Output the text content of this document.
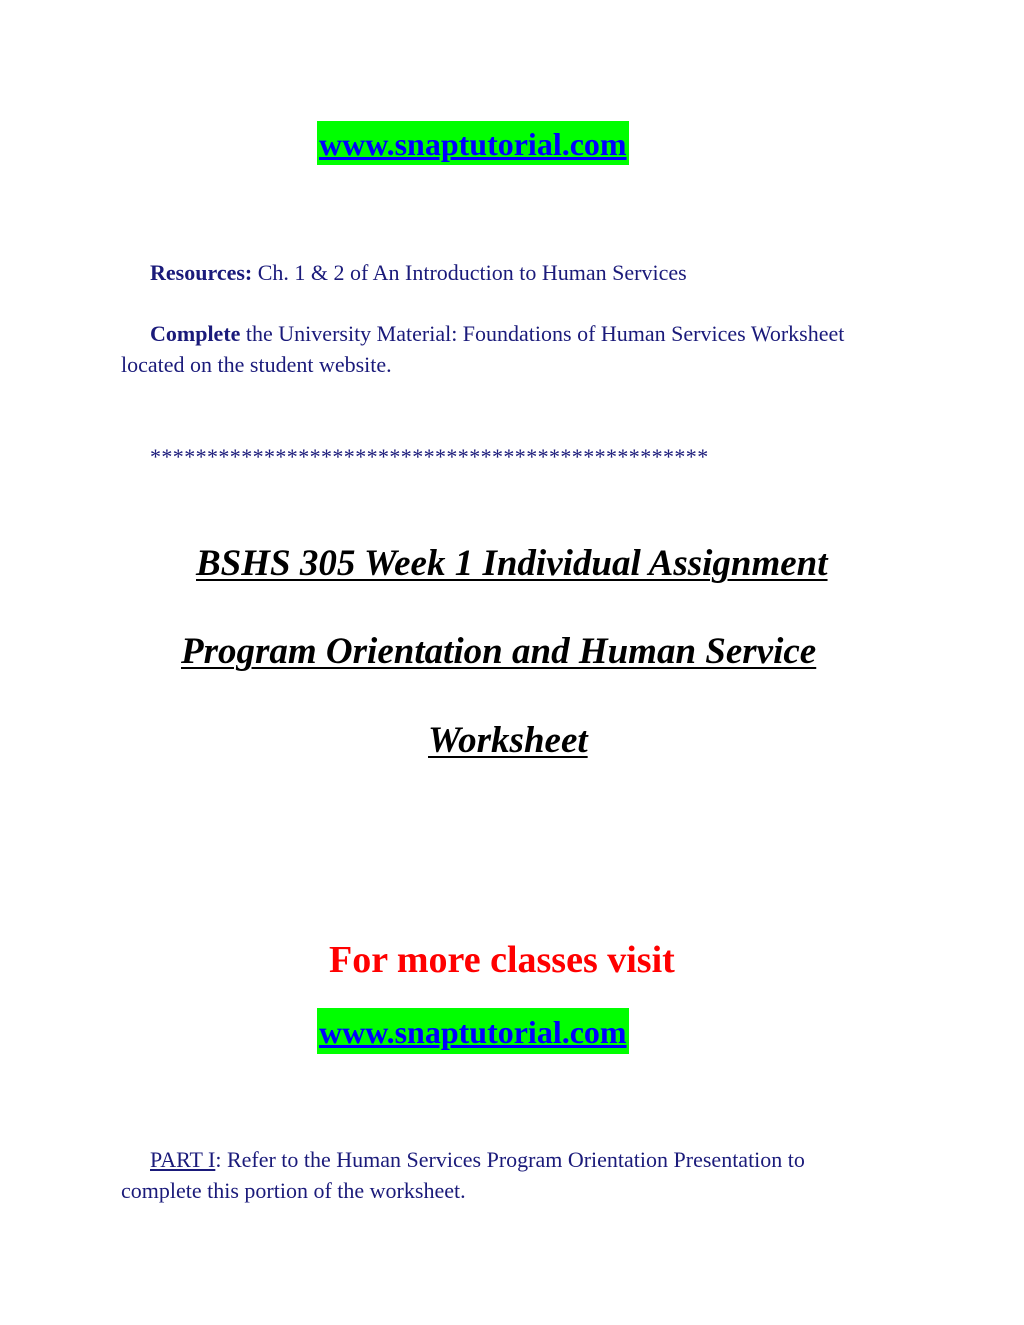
www.snaptutorial.com
Resources: Ch. 1 & 2 of An Introduction to Human Services
Complete the University Material: Foundations of Human Services Worksheet located on the student website.
*************************************************
BSHS 305 Week 1 Individual Assignment
Program Orientation and Human Service
Worksheet
For more classes visit
www.snaptutorial.com
PART I: Refer to the Human Services Program Orientation Presentation to complete this portion of the worksheet.
